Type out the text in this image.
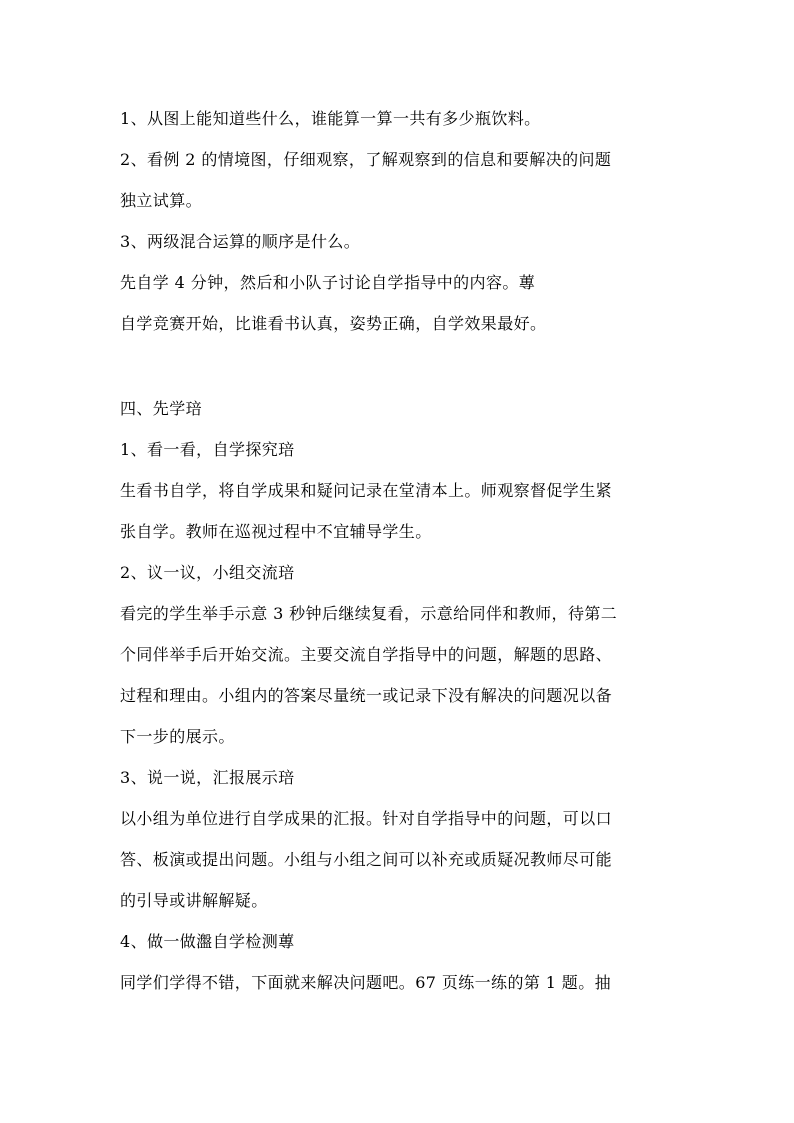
1、从图上能知道些什么，谁能算一算一共有多少瓶饮料。
2、看例 2 的情境图，仔细观察，了解观察到的信息和要解决的问题
独立试算。
3、两级混合运算的顺序是什么。
先自学 4 分钟，然后和小队子讨论自学指导中的内容。蓴
自学竞赛开始，比谁看书认真，姿势正确，自学效果最好。
四、先学琣
1、看一看，自学探究琣
生看书自学，将自学成果和疑问记录在堂清本上。师观察督促学生紧
张自学。教师在巡视过程中不宜辅导学生。
2、议一议，小组交流琣
看完的学生举手示意 3 秒钟后继续复看，示意给同伴和教师，待第二
个同伴举手后开始交流。主要交流自学指导中的问题，解题的思路、
过程和理由。小组内的答案尽量统一或记录下没有解决的问题况以备
下一步的展示。
3、说一说，汇报展示琣
以小组为单位进行自学成果的汇报。针对自学指导中的问题，可以口
答、板演或提出问题。小组与小组之间可以补充或质疑况教师尽可能
的引导或讲解解疑。
4、做一做瀊自学检测蓴
同学们学得不错，下面就来解决问题吧。67 页练一练的第 1 题。抽
